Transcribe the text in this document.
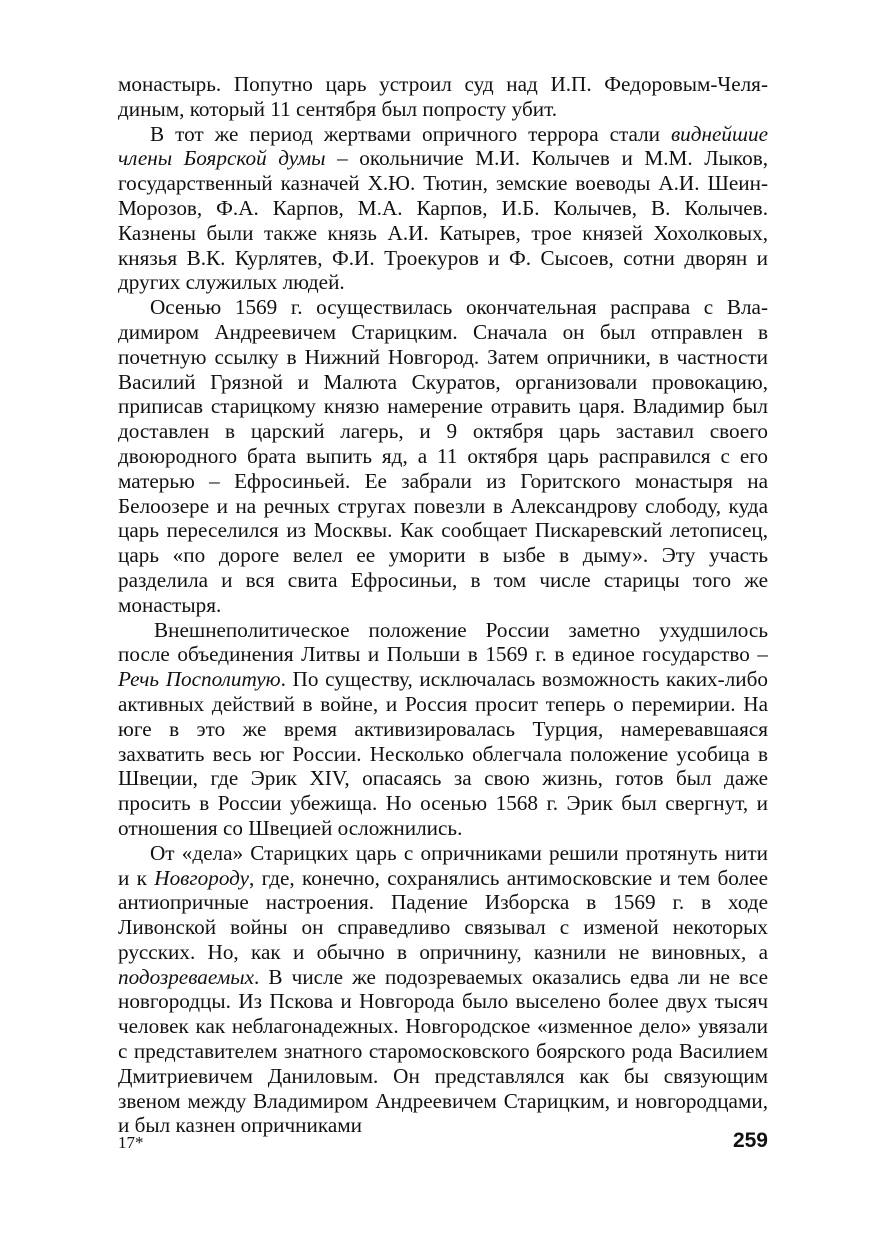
монастырь. Попутно царь устроил суд над И.П. Федоровым-Челядиным, который 11 сентября был попросту убит.

В тот же период жертвами опричного террора стали виднейшие члены Боярской думы – окольничие М.И. Колычев и М.М. Лыков, государственный казначей Х.Ю. Тютин, земские воеводы А.И. Шеин-Морозов, Ф.А. Карпов, М.А. Карпов, И.Б. Колычев, В. Колычев. Казнены были также князь А.И. Катырев, трое князей Хохолковых, князья В.К. Курлятев, Ф.И. Троекуров и Ф. Сысоев, сотни дворян и других служилых людей.

Осенью 1569 г. осуществилась окончательная расправа с Владимиром Андреевичем Старицким. Сначала он был отправлен в почетную ссылку в Нижний Новгород. Затем опричники, в частности Василий Грязной и Малюта Скуратов, организовали провокацию, приписав старицкому князю намерение отравить царя. Владимир был доставлен в царский лагерь, и 9 октября царь заставил своего двоюродного брата выпить яд, а 11 октября царь расправился с его матерью – Ефросиньей. Ее забрали из Горитского монастыря на Белоозере и на речных стругах повезли в Александрову слободу, куда царь переселился из Москвы. Как сообщает Пискаревский летописец, царь «по дороге велел ее уморити в ызбе в дыму». Эту участь разделила и вся свита Ефросиньи, в том числе старицы того же монастыря.

Внешнеполитическое положение России заметно ухудшилось после объединения Литвы и Польши в 1569 г. в единое государство – Речь Посполитую. По существу, исключалась возможность каких-либо активных действий в войне, и Россия просит теперь о перемирии. На юге в это же время активизировалась Турция, намеревавшаяся захватить весь юг России. Несколько облегчала положение усобица в Швеции, где Эрик XIV, опасаясь за свою жизнь, готов был даже просить в России убежища. Но осенью 1568 г. Эрик был свергнут, и отношения со Швецией осложнились.

От «дела» Старицких царь с опричниками решили протянуть нити и к Новгороду, где, конечно, сохранялись антимосковские и тем более антиопричные настроения. Падение Изборска в 1569 г. в ходе Ливонской войны он справедливо связывал с изменой некоторых русских. Но, как и обычно в опричнину, казнили не виновных, а подозреваемых. В числе же подозреваемых оказались едва ли не все новгородцы. Из Пскова и Новгорода было выселено более двух тысяч человек как неблагонадежных. Новгородское «изменное дело» увязали с представителем знатного старомосковского боярского рода Василием Дмитриевичем Даниловым. Он представлялся как бы связующим звеном между Владимиром Андреевичем Старицким, и новгородцами, и был казнен опричниками

17*	259
